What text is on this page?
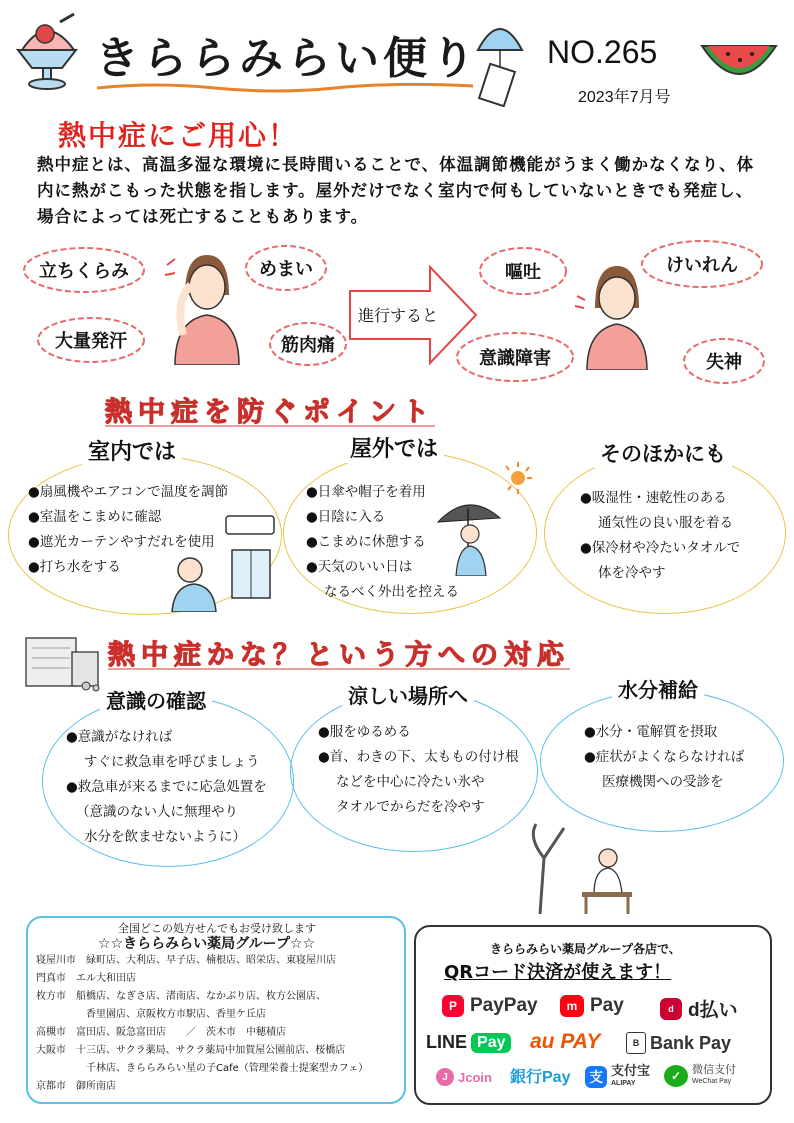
きららみらい便り NO.265
2023年7月号
熱中症にご用心！
熱中症とは、高温多湿な環境に長時間いることで、体温調節機能がうまく働かなくなり、体内に熱がこもった状態を指します。屋外だけでなく室内で何もしていないときでも発症し、場合によっては死亡することもあります。
立ちくらみ	めまい
大量発汗	筋肉痛
進行すると
嘔吐	けいれん
意識障害	失神
熱中症を防ぐポイント
室内では
●扇風機やエアコンで温度を調節
●室温をこまめに確認
●遮光カーテンやすだれを使用
●打ち水をする
屋外では
●日傘や帽子を着用
●日陰に入る
●こまめに休憩する
●天気のいい日は
なるべく外出を控える
そのほかにも
●吸湿性・速乾性のある
通気性の良い服を着る
●保冷材や冷たいタオルで
体を冷やす
熱中症かな？という方への対応
意識の確認
●意識がなければ
すぐに救急車を呼びましょう
●救急車が来るまでに応急処置を
（意識のない人に無理やり
水分を飲ませないように）
涼しい場所へ
●服をゆるめる
●首、わきの下、太ももの付け根
などを中心に冷たい氷や
タオルでからだを冷やす
水分補給
●水分・電解質を摂取
●症状がよくならなければ
医療機関への受診を
全国どこの処方せんでもお受け致します
☆☆きららみらい薬局グループ☆☆
寝屋川市　緑町店、大利店、早子店、楠根店、昭栄店、東寝屋川店
門真市　エル大和田店
枚方市　船橋店、なぎさ店、渚南店、なかぶり店、枚方公園店、
　　　　　香里園店、京阪枚方市駅店、香里ケ丘店
高槻市　富田店、阪急富田店　　／　茨木市　中穂積店
大阪市　十三店、サクラ薬局、サクラ薬局中加賀屋公園前店、桜橋店
　　　　　千林店、きららみらい星の子Cafe（管理栄養士提案型カフェ）
京都市　御所南店
きららみらい薬局グループ各店で、
QRコード決済が使えます！
P PayPay	m Pay	d d払い
LINE Pay au PAY	B Bank Pay
J Jcoin 銀行Pay 支 支付宝
ALIPAY
✓ 微信支付
WeChat Pay
